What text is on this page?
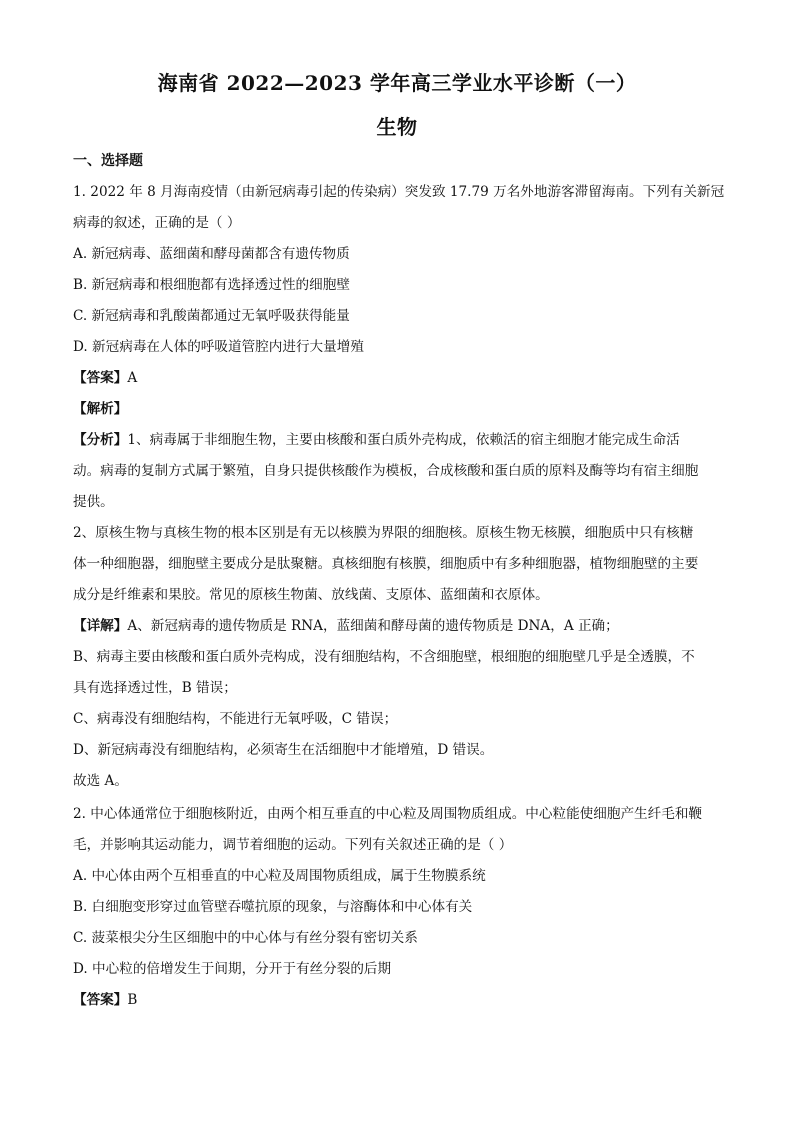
海南省 2022—2023 学年高三学业水平诊断（一）
生物
一、选择题
1. 2022 年 8 月海南疫情（由新冠病毒引起的传染病）突发致 17.79 万名外地游客滞留海南。下列有关新冠
病毒的叙述，正确的是（ ）
A. 新冠病毒、蓝细菌和酵母菌都含有遗传物质
B. 新冠病毒和根细胞都有选择透过性的细胞壁
C. 新冠病毒和乳酸菌都通过无氧呼吸获得能量
D. 新冠病毒在人体的呼吸道管腔内进行大量增殖
【答案】A
【解析】
【分析】1、病毒属于非细胞生物，主要由核酸和蛋白质外壳构成，依赖活的宿主细胞才能完成生命活
动。病毒的复制方式属于繁殖，自身只提供核酸作为模板，合成核酸和蛋白质的原料及酶等均有宿主细胞
提供。
2、原核生物与真核生物的根本区别是有无以核膜为界限的细胞核。原核生物无核膜，细胞质中只有核糖
体一种细胞器，细胞壁主要成分是肽聚糖。真核细胞有核膜，细胞质中有多种细胞器，植物细胞壁的主要
成分是纤维素和果胶。常见的原核生物菌、放线菌、支原体、蓝细菌和衣原体。
【详解】A、新冠病毒的遗传物质是 RNA，蓝细菌和酵母菌的遗传物质是 DNA，A 正确；
B、病毒主要由核酸和蛋白质外壳构成，没有细胞结构，不含细胞壁，根细胞的细胞壁几乎是全透膜，不
具有选择透过性，B 错误；
C、病毒没有细胞结构，不能进行无氧呼吸，C 错误；
D、新冠病毒没有细胞结构，必须寄生在活细胞中才能增殖，D 错误。
故选 A。
2. 中心体通常位于细胞核附近，由两个相互垂直的中心粒及周围物质组成。中心粒能使细胞产生纤毛和鞭
毛，并影响其运动能力，调节着细胞的运动。下列有关叙述正确的是（ ）
A. 中心体由两个互相垂直的中心粒及周围物质组成，属于生物膜系统
B. 白细胞变形穿过血管壁吞噬抗原的现象，与溶酶体和中心体有关
C. 菠菜根尖分生区细胞中的中心体与有丝分裂有密切关系
D. 中心粒的倍增发生于间期，分开于有丝分裂的后期
【答案】B
